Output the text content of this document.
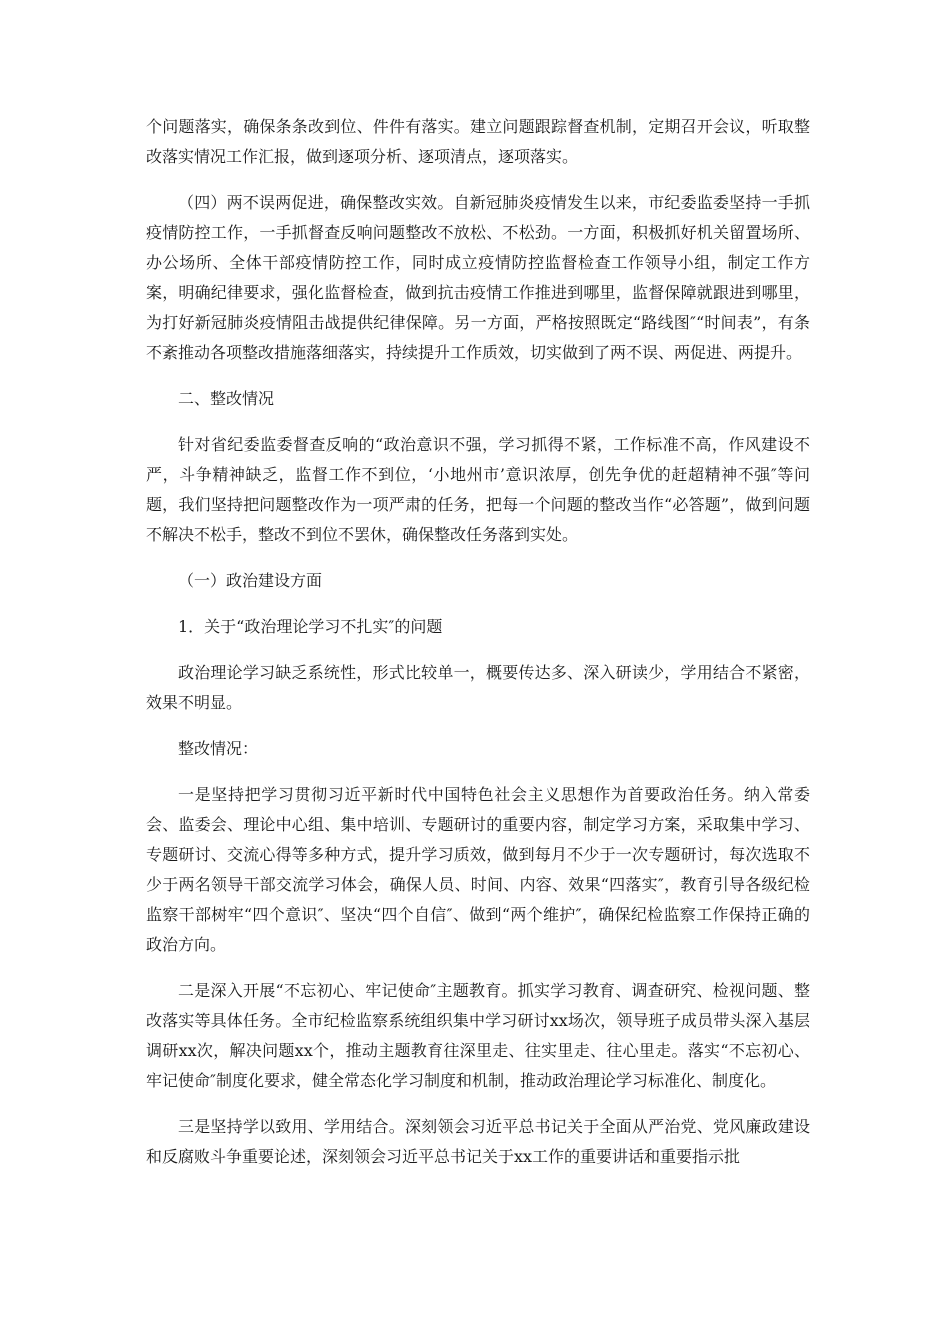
个问题落实，确保条条改到位、件件有落实。建立问题跟踪督查机制，定期召开会议，听取整改落实情况工作汇报，做到逐项分析、逐项清点，逐项落实。

（四）两不误两促进，确保整改实效。自新冠肺炎疫情发生以来，市纪委监委坚持一手抓疫情防控工作，一手抓督查反响问题整改不放松、不松劲。一方面，积极抓好机关留置场所、办公场所、全体干部疫情防控工作，同时成立疫情防控监督检查工作领导小组，制定工作方案，明确纪律要求，强化监督检查，做到抗击疫情工作推进到哪里，监督保障就跟进到哪里，为打好新冠肺炎疫情阻击战提供纪律保障。另一方面，严格按照既定“路线图″“时间表”，有条不紊推动各项整改措施落细落实，持续提升工作质效，切实做到了两不误、两促进、两提升。

二、整改情况

针对省纪委监委督查反响的“政治意识不强，学习抓得不紧，工作标准不高，作风建设不严，斗争精神缺乏，监督工作不到位，‘小地州市’意识浓厚，创先争优的赶超精神不强″等问题，我们坚持把问题整改作为一项严肃的任务，把每一个问题的整改当作“必答题”，做到问题不解决不松手，整改不到位不罢休，确保整改任务落到实处。

（一）政治建设方面

1．关于“政治理论学习不扎实″的问题

政治理论学习缺乏系统性，形式比较单一，概要传达多、深入研读少，学用结合不紧密，效果不明显。

整改情况：

一是坚持把学习贯彻习近平新时代中国特色社会主义思想作为首要政治任务。纳入常委会、监委会、理论中心组、集中培训、专题研讨的重要内容，制定学习方案，采取集中学习、专题研讨、交流心得等多种方式，提升学习质效，做到每月不少于一次专题研讨，每次选取不少于两名领导干部交流学习体会，确保人员、时间、内容、效果“四落实″，教育引导各级纪检监察干部树牢“四个意识″、坚决“四个自信″、做到“两个维护″，确保纪检监察工作保持正确的政治方向。

二是深入开展“不忘初心、牢记使命″主题教育。抓实学习教育、调查研究、检视问题、整改落实等具体任务。全市纪检监察系统组织集中学习研讨xx场次，领导班子成员带头深入基层调研xx次，解决问题xx个，推动主题教育往深里走、往实里走、往心里走。落实“不忘初心、牢记使命″制度化要求，健全常态化学习制度和机制，推动政治理论学习标准化、制度化。

三是坚持学以致用、学用结合。深刻领会习近平总书记关于全面从严治党、党风廉政建设和反腐败斗争重要论述，深刻领会习近平总书记关于xx工作的重要讲话和重要指示批
